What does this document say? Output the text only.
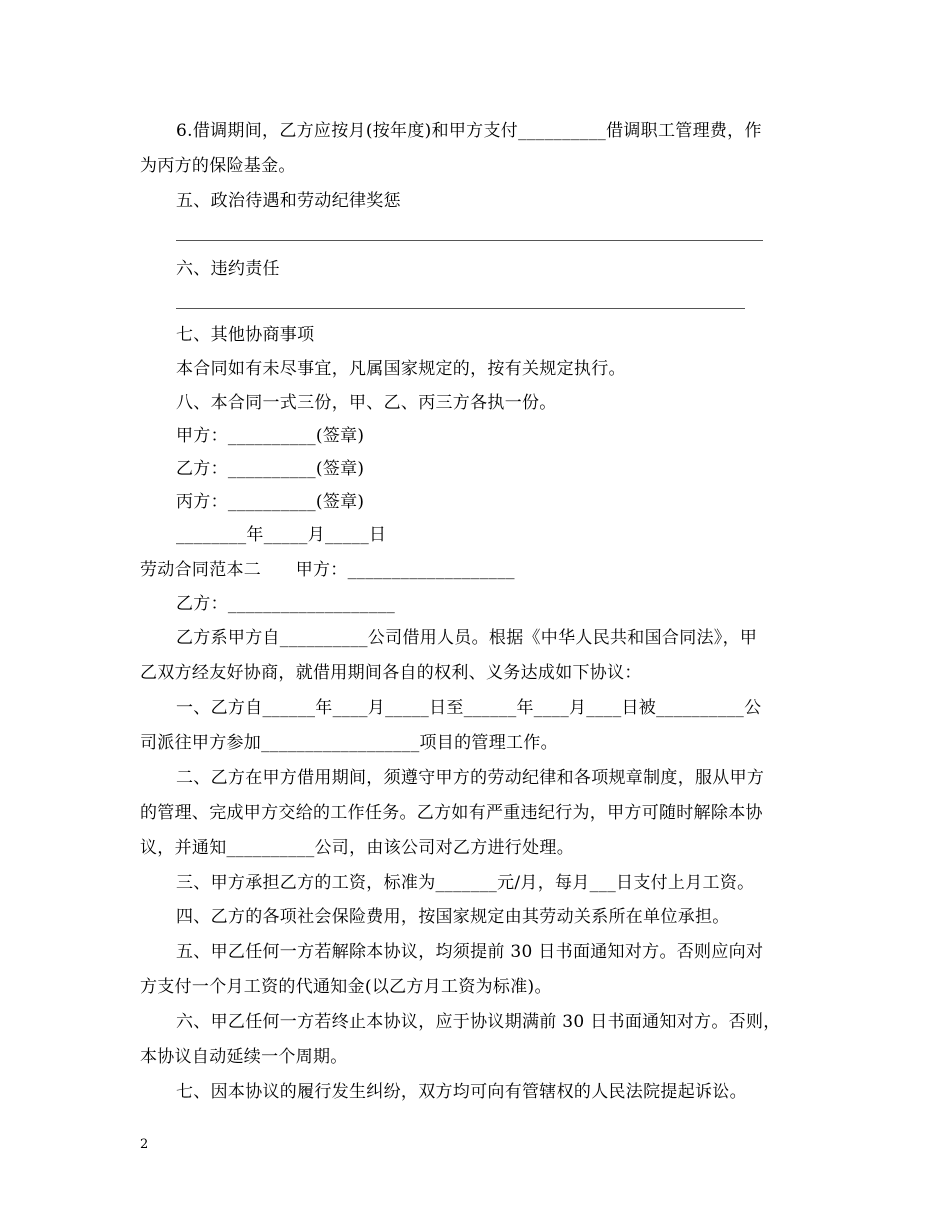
6.借调期间，乙方应按月(按年度)和甲方支付__________借调职工管理费，作
为丙方的保险基金。
五、政治待遇和劳动纪律奖惩
六、违约责任
七、其他协商事项
本合同如有未尽事宜，凡属国家规定的，按有关规定执行。
八、本合同一式三份，甲、乙、丙三方各执一份。
甲方：__________(签章)
乙方：__________(签章)
丙方：__________(签章)
________年_____月_____日
劳动合同范本二　　甲方：___________________
乙方：___________________
乙方系甲方自__________公司借用人员。根据《中华人民共和国合同法》，甲
乙双方经友好协商，就借用期间各自的权利、义务达成如下协议：
一、乙方自______年____月_____日至______年____月____日被__________公
司派往甲方参加__________________项目的管理工作。
二、乙方在甲方借用期间，须遵守甲方的劳动纪律和各项规章制度，服从甲方
的管理、完成甲方交给的工作任务。乙方如有严重违纪行为，甲方可随时解除本协
议，并通知__________公司，由该公司对乙方进行处理。
三、甲方承担乙方的工资，标准为_______元/月，每月___日支付上月工资。
四、乙方的各项社会保险费用，按国家规定由其劳动关系所在单位承担。
五、甲乙任何一方若解除本协议，均须提前 30 日书面通知对方。否则应向对
方支付一个月工资的代通知金(以乙方月工资为标准)。
六、甲乙任何一方若终止本协议，应于协议期满前 30 日书面通知对方。否则，
本协议自动延续一个周期。
七、因本协议的履行发生纠纷，双方均可向有管辖权的人民法院提起诉讼。
2
